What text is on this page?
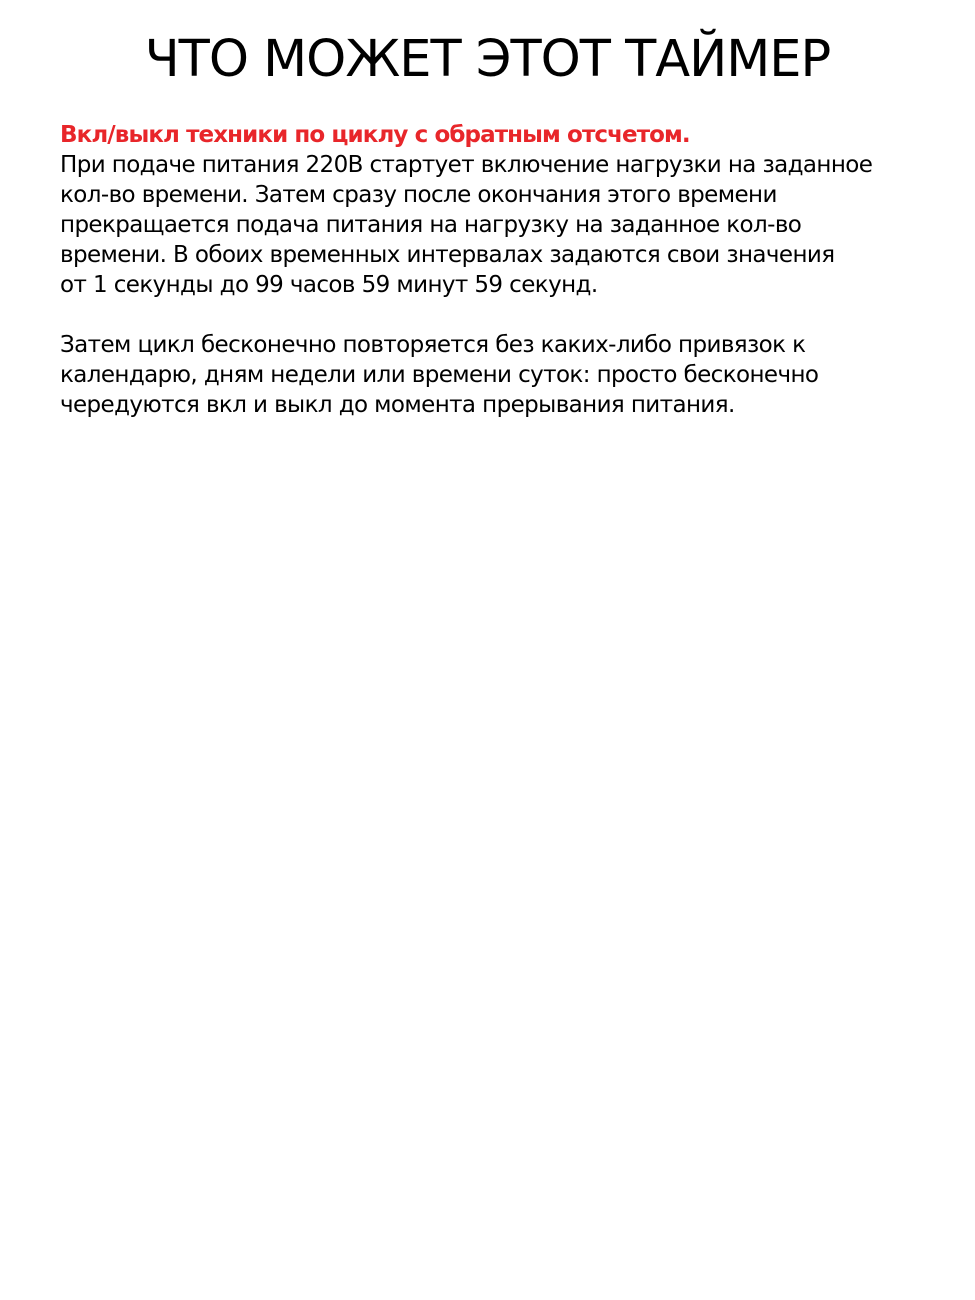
ЧТО МОЖЕТ ЭТОТ ТАЙМЕР
Вкл/выкл техники по циклу с обратным отсчетом.
При подаче питания 220В стартует включение нагрузки на заданное
кол-во времени. Затем сразу после окончания этого времени
прекращается подача питания на нагрузку на заданное кол-во
времени. В обоих временных интервалах задаются свои значения
от 1 секунды до 99 часов 59 минут 59 секунд.
Затем цикл бесконечно повторяется без каких-либо привязок к
календарю, дням недели или времени суток: просто бесконечно
чередуются вкл и выкл до момента прерывания питания.
